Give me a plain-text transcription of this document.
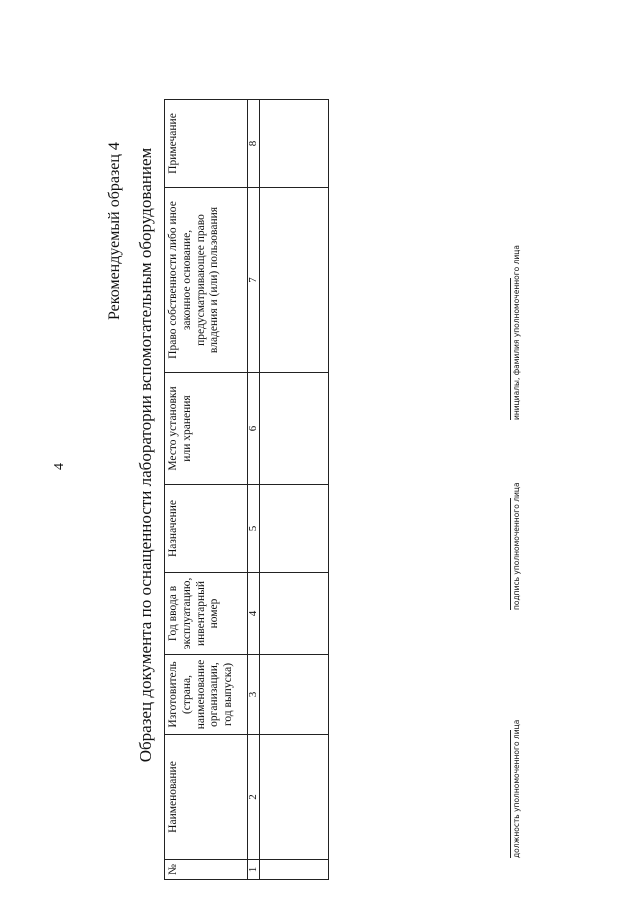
4
Рекомендуемый образец 4 Образец документа по оснащенности лаборатории вспомогательным оборудованием
№	Наименование	Изготовитель (страна, наименование организации, год выпуска)	Год ввода в эксплуатацию, инвентарный номер	Назначение	Место установки или хранения	Право собственности либо иное законное основание, предусматривающее право владения и (или) пользования	Примечание
1	2	3	4	5	6	7	8

должность уполномоченного лица
подпись уполномоченного лица
инициалы, фамилия уполномоченного лица
